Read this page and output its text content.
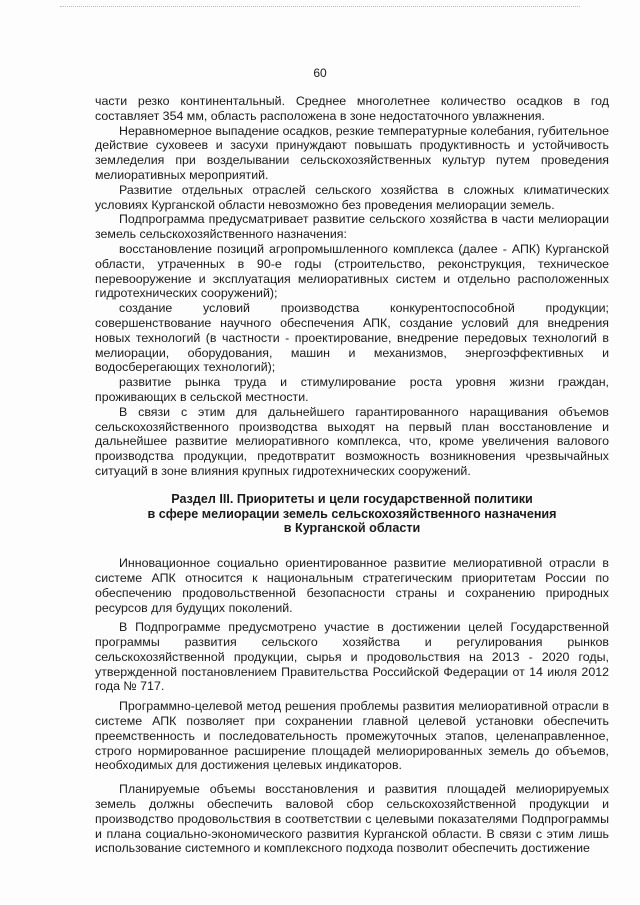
60

части резко континентальный. Среднее многолетнее количество осадков в год составляет 354 мм, область расположена в зоне недостаточного увлажнения.

Неравномерное выпадение осадков, резкие температурные колебания, губительное действие суховеев и засухи принуждают повышать продуктивность и устойчивость земледелия при возделывании сельскохозяйственных культур путем проведения мелиоративных мероприятий.

Развитие отдельных отраслей сельского хозяйства в сложных климатических условиях Курганской области невозможно без проведения мелиорации земель.

Подпрограмма предусматривает развитие сельского хозяйства в части мелиорации земель сельскохозяйственного назначения:

восстановление позиций агропромышленного комплекса (далее - АПК) Курганской области, утраченных в 90-е годы (строительство, реконструкция, техническое перевооружение и эксплуатация мелиоративных систем и отдельно расположенных гидротехнических сооружений);

создание условий производства конкурентоспособной продукции; совершенствование научного обеспечения АПК, создание условий для внедрения новых технологий (в частности - проектирование, внедрение передовых технологий в мелиорации, оборудования, машин и механизмов, энергоэффективных и водосберегающих технологий);

развитие рынка труда и стимулирование роста уровня жизни граждан, проживающих в сельской местности.

В связи с этим для дальнейшего гарантированного наращивания объемов сельскохозяйственного производства выходят на первый план восстановление и дальнейшее развитие мелиоративного комплекса, что, кроме увеличения валового производства продукции, предотвратит возможность возникновения чрезвычайных ситуаций в зоне влияния крупных гидротехнических сооружений.

Раздел III. Приоритеты и цели государственной политики
в сфере мелиорации земель сельскохозяйственного назначения
в Курганской области

Инновационное социально ориентированное развитие мелиоративной отрасли в системе АПК относится к национальным стратегическим приоритетам России по обеспечению продовольственной безопасности страны и сохранению природных ресурсов для будущих поколений.

В Подпрограмме предусмотрено участие в достижении целей Государственной программы развития сельского хозяйства и регулирования рынков сельскохозяйственной продукции, сырья и продовольствия на 2013 - 2020 годы, утвержденной постановлением Правительства Российской Федерации от 14 июля 2012 года № 717.

Программно-целевой метод решения проблемы развития мелиоративной отрасли в системе АПК позволяет при сохранении главной целевой установки обеспечить преемственность и последовательность промежуточных этапов, целенаправленное, строго нормированное расширение площадей мелиорированных земель до объемов, необходимых для достижения целевых индикаторов.

Планируемые объемы восстановления и развития площадей мелиорируемых земель должны обеспечить валовой сбор сельскохозяйственной продукции и производство продовольствия в соответствии с целевыми показателями Подпрограммы и плана социально-экономического развития Курганской области. В связи с этим лишь использование системного и комплексного подхода позволит обеспечить достижение
